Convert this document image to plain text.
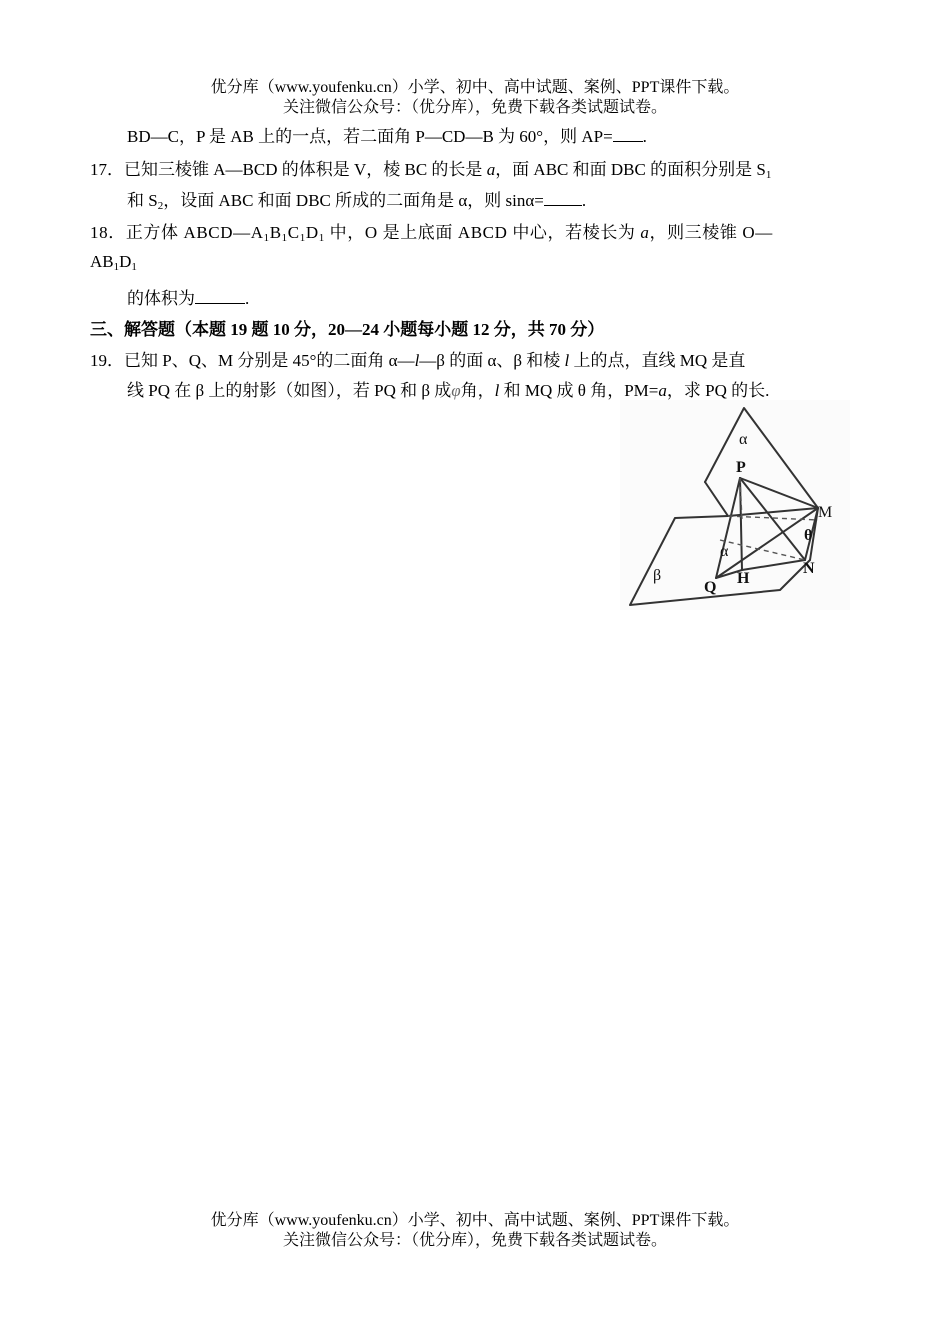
优分库（www.youfenku.cn）小学、初中、高中试题、案例、PPT课件下载。
关注微信公众号：（优分库），免费下载各类试题试卷。
BD—C，P 是 AB 上的一点，若二面角 P—CD—B 为 60°，则 AP= .
17．已知三棱锥 A—BCD 的体积是 V，棱 BC 的长是 a，面 ABC 和面 DBC 的面积分别是 $S_1$
和 $S_2$，设面 ABC 和面 DBC 所成的二面角是 α，则 sinα= .
18．正方体 $ABCD—A_1B_1C_1D_1$ 中，O 是上底面 ABCD 中心，若棱长为 a，则三棱锥 O—
$AB_1D_1$
的体积为	.
三、解答题（本题 19 题 10 分，20—24 小题每小题 12 分，共 70 分）
19．已知 P、Q、M 分别是 45°的二面角 α—l—β 的面 α、β 和棱 l 上的点，直线 MQ 是直
线 PQ 在 β 上的射影（如图），若 PQ 和 β 成φ角，l 和 MQ 成 θ 角，PM=a，求 PQ 的长.
α
P
M
θ
N
α
H
Q
β
优分库（www.youfenku.cn）小学、初中、高中试题、案例、PPT课件下载。
关注微信公众号：（优分库），免费下载各类试题试卷。
